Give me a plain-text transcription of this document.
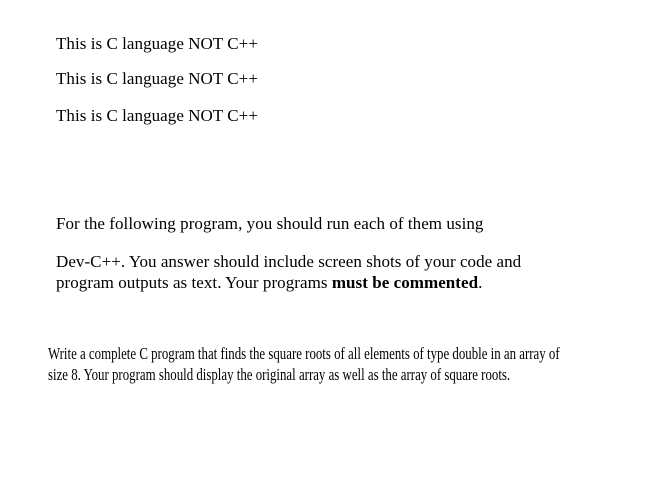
This is C language NOT C++
This is C language NOT C++
This is C language NOT C++
For the following program, you should run each of them using
Dev-C++. You answer should include screen shots of your code and
program outputs as text. Your programs must be commented.
Write a complete C program that finds the square roots of all elements of type double in an array of
size 8. Your program should display the original array as well as the array of square roots.
